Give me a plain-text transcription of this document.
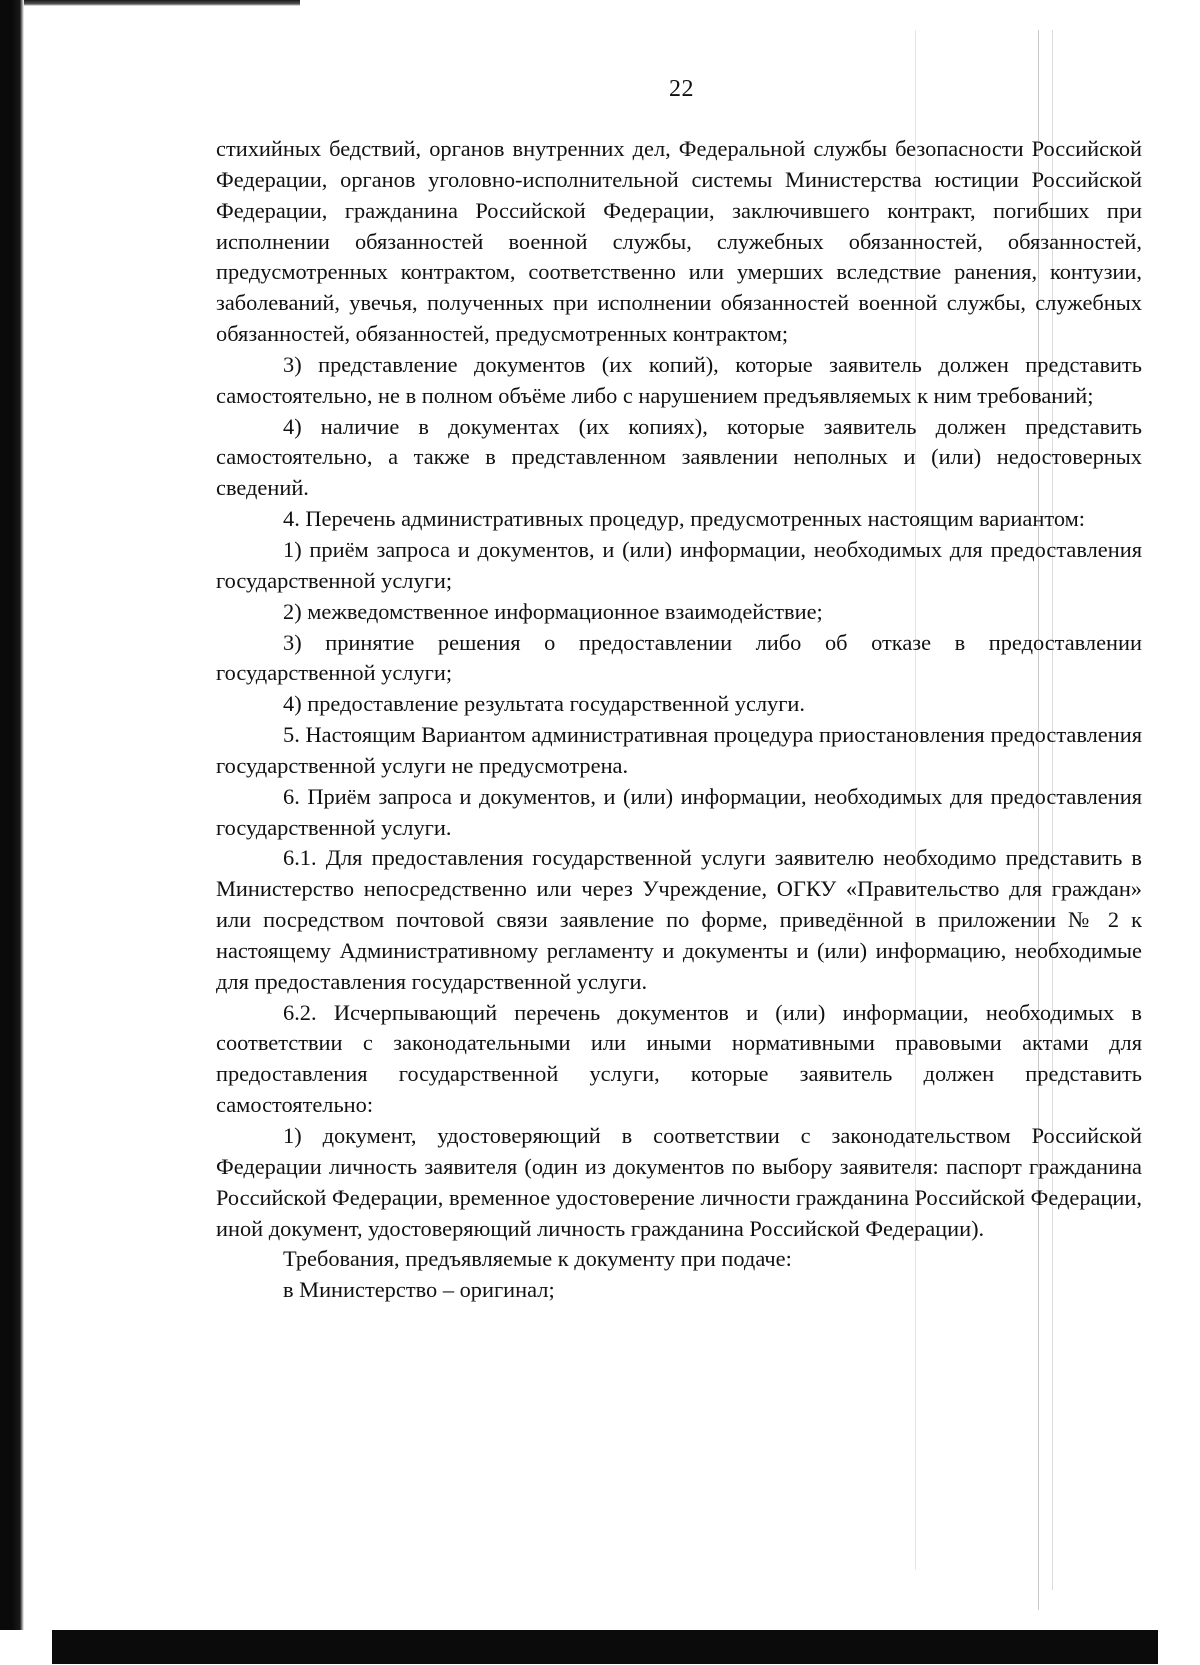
22

стихийных бедствий, органов внутренних дел, Федеральной службы безопасности Российской Федерации, органов уголовно-исполнительной системы Министерства юстиции Российской Федерации, гражданина Российской Федерации, заключившего контракт, погибших при исполнении обязанностей военной службы, служебных обязанностей, обязанностей, предусмотренных контрактом, соответственно или умерших вследствие ранения, контузии, заболеваний, увечья, полученных при исполнении обязанностей военной службы, служебных обязанностей, обязанностей, предусмотренных контрактом;

3) представление документов (их копий), которые заявитель должен представить самостоятельно, не в полном объёме либо с нарушением предъявляемых к ним требований;

4) наличие в документах (их копиях), которые заявитель должен представить самостоятельно, а также в представленном заявлении неполных и (или) недостоверных сведений.

4. Перечень административных процедур, предусмотренных настоящим вариантом:

1) приём запроса и документов, и (или) информации, необходимых для предоставления государственной услуги;

2) межведомственное информационное взаимодействие;

3) принятие решения о предоставлении либо об отказе в предоставлении государственной услуги;

4) предоставление результата государственной услуги.

5. Настоящим Вариантом административная процедура приостановления предоставления государственной услуги не предусмотрена.

6. Приём запроса и документов, и (или) информации, необходимых для предоставления государственной услуги.

6.1. Для предоставления государственной услуги заявителю необходимо представить в Министерство непосредственно или через Учреждение, ОГКУ «Правительство для граждан» или посредством почтовой связи заявление по форме, приведённой в приложении № 2 к настоящему Административному регламенту и документы и (или) информацию, необходимые для предоставления государственной услуги.

6.2. Исчерпывающий перечень документов и (или) информации, необходимых в соответствии с законодательными или иными нормативными правовыми актами для предоставления государственной услуги, которые заявитель должен представить самостоятельно:

1) документ, удостоверяющий в соответствии с законодательством Российской Федерации личность заявителя (один из документов по выбору заявителя: паспорт гражданина Российской Федерации, временное удостоверение личности гражданина Российской Федерации, иной документ, удостоверяющий личность гражданина Российской Федерации).

Требования, предъявляемые к документу при подаче:

в Министерство – оригинал;
